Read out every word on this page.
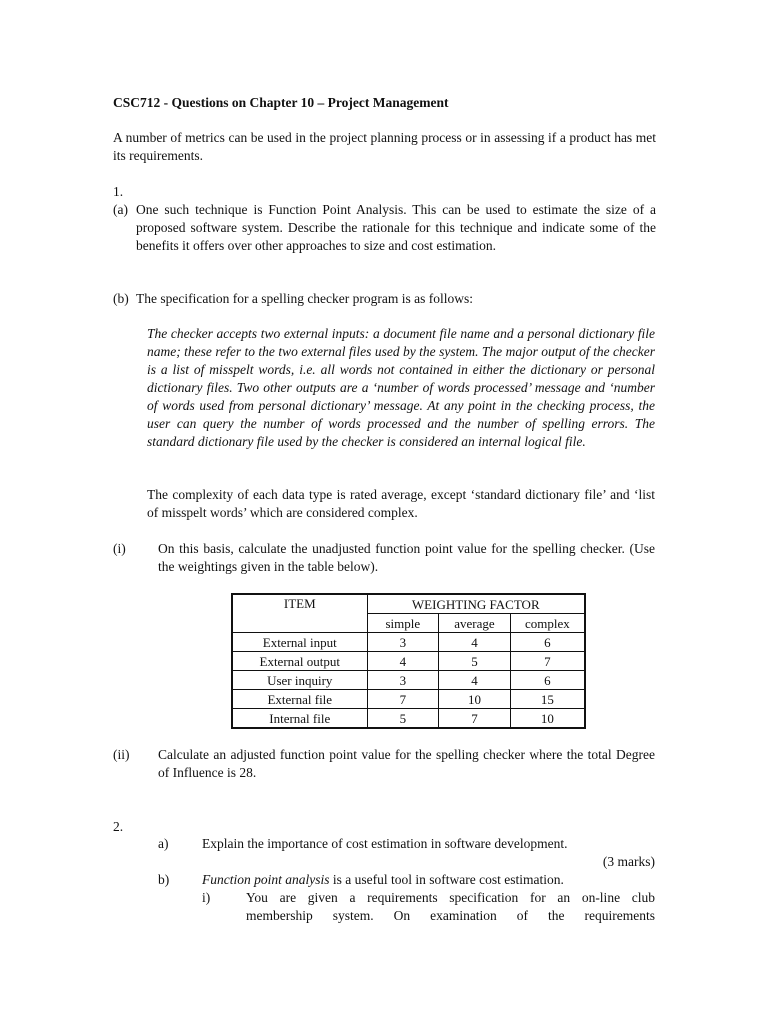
CSC712 - Questions on Chapter 10 – Project Management
A number of metrics can be used in the project planning process or in assessing if a product has met its requirements.
1.
(a) One such technique is Function Point Analysis. This can be used to estimate the size of a proposed software system. Describe the rationale for this technique and indicate some of the benefits it offers over other approaches to size and cost estimation.
(b) The specification for a spelling checker program is as follows:
The checker accepts two external inputs: a document file name and a personal dictionary file name; these refer to the two external files used by the system. The major output of the checker is a list of misspelt words, i.e. all words not contained in either the dictionary or personal dictionary files. Two other outputs are a ‘number of words processed’ message and ‘number of words used from personal dictionary’ message. At any point in the checking process, the user can query the number of words processed and the number of spelling errors. The standard dictionary file used by the checker is considered an internal logical file.
The complexity of each data type is rated average, except ‘standard dictionary file’ and ‘list of misspelt words’ which are considered complex.
(i) On this basis, calculate the unadjusted function point value for the spelling checker. (Use the weightings given in the table below).
ITEM	WEIGHTING FACTOR		
	simple	average	complex
External input	3	4	6
External output	4	5	7
User inquiry	3	4	6
External file	7	10	15
Internal file	5	7	10
(ii) Calculate an adjusted function point value for the spelling checker where the total Degree of Influence is 28.
2.
a) Explain the importance of cost estimation in software development.
(3 marks)
b) Function point analysis is a useful tool in software cost estimation.
i)	You are given a requirements specification for an on-line club
membership system. On examination of the requirements
